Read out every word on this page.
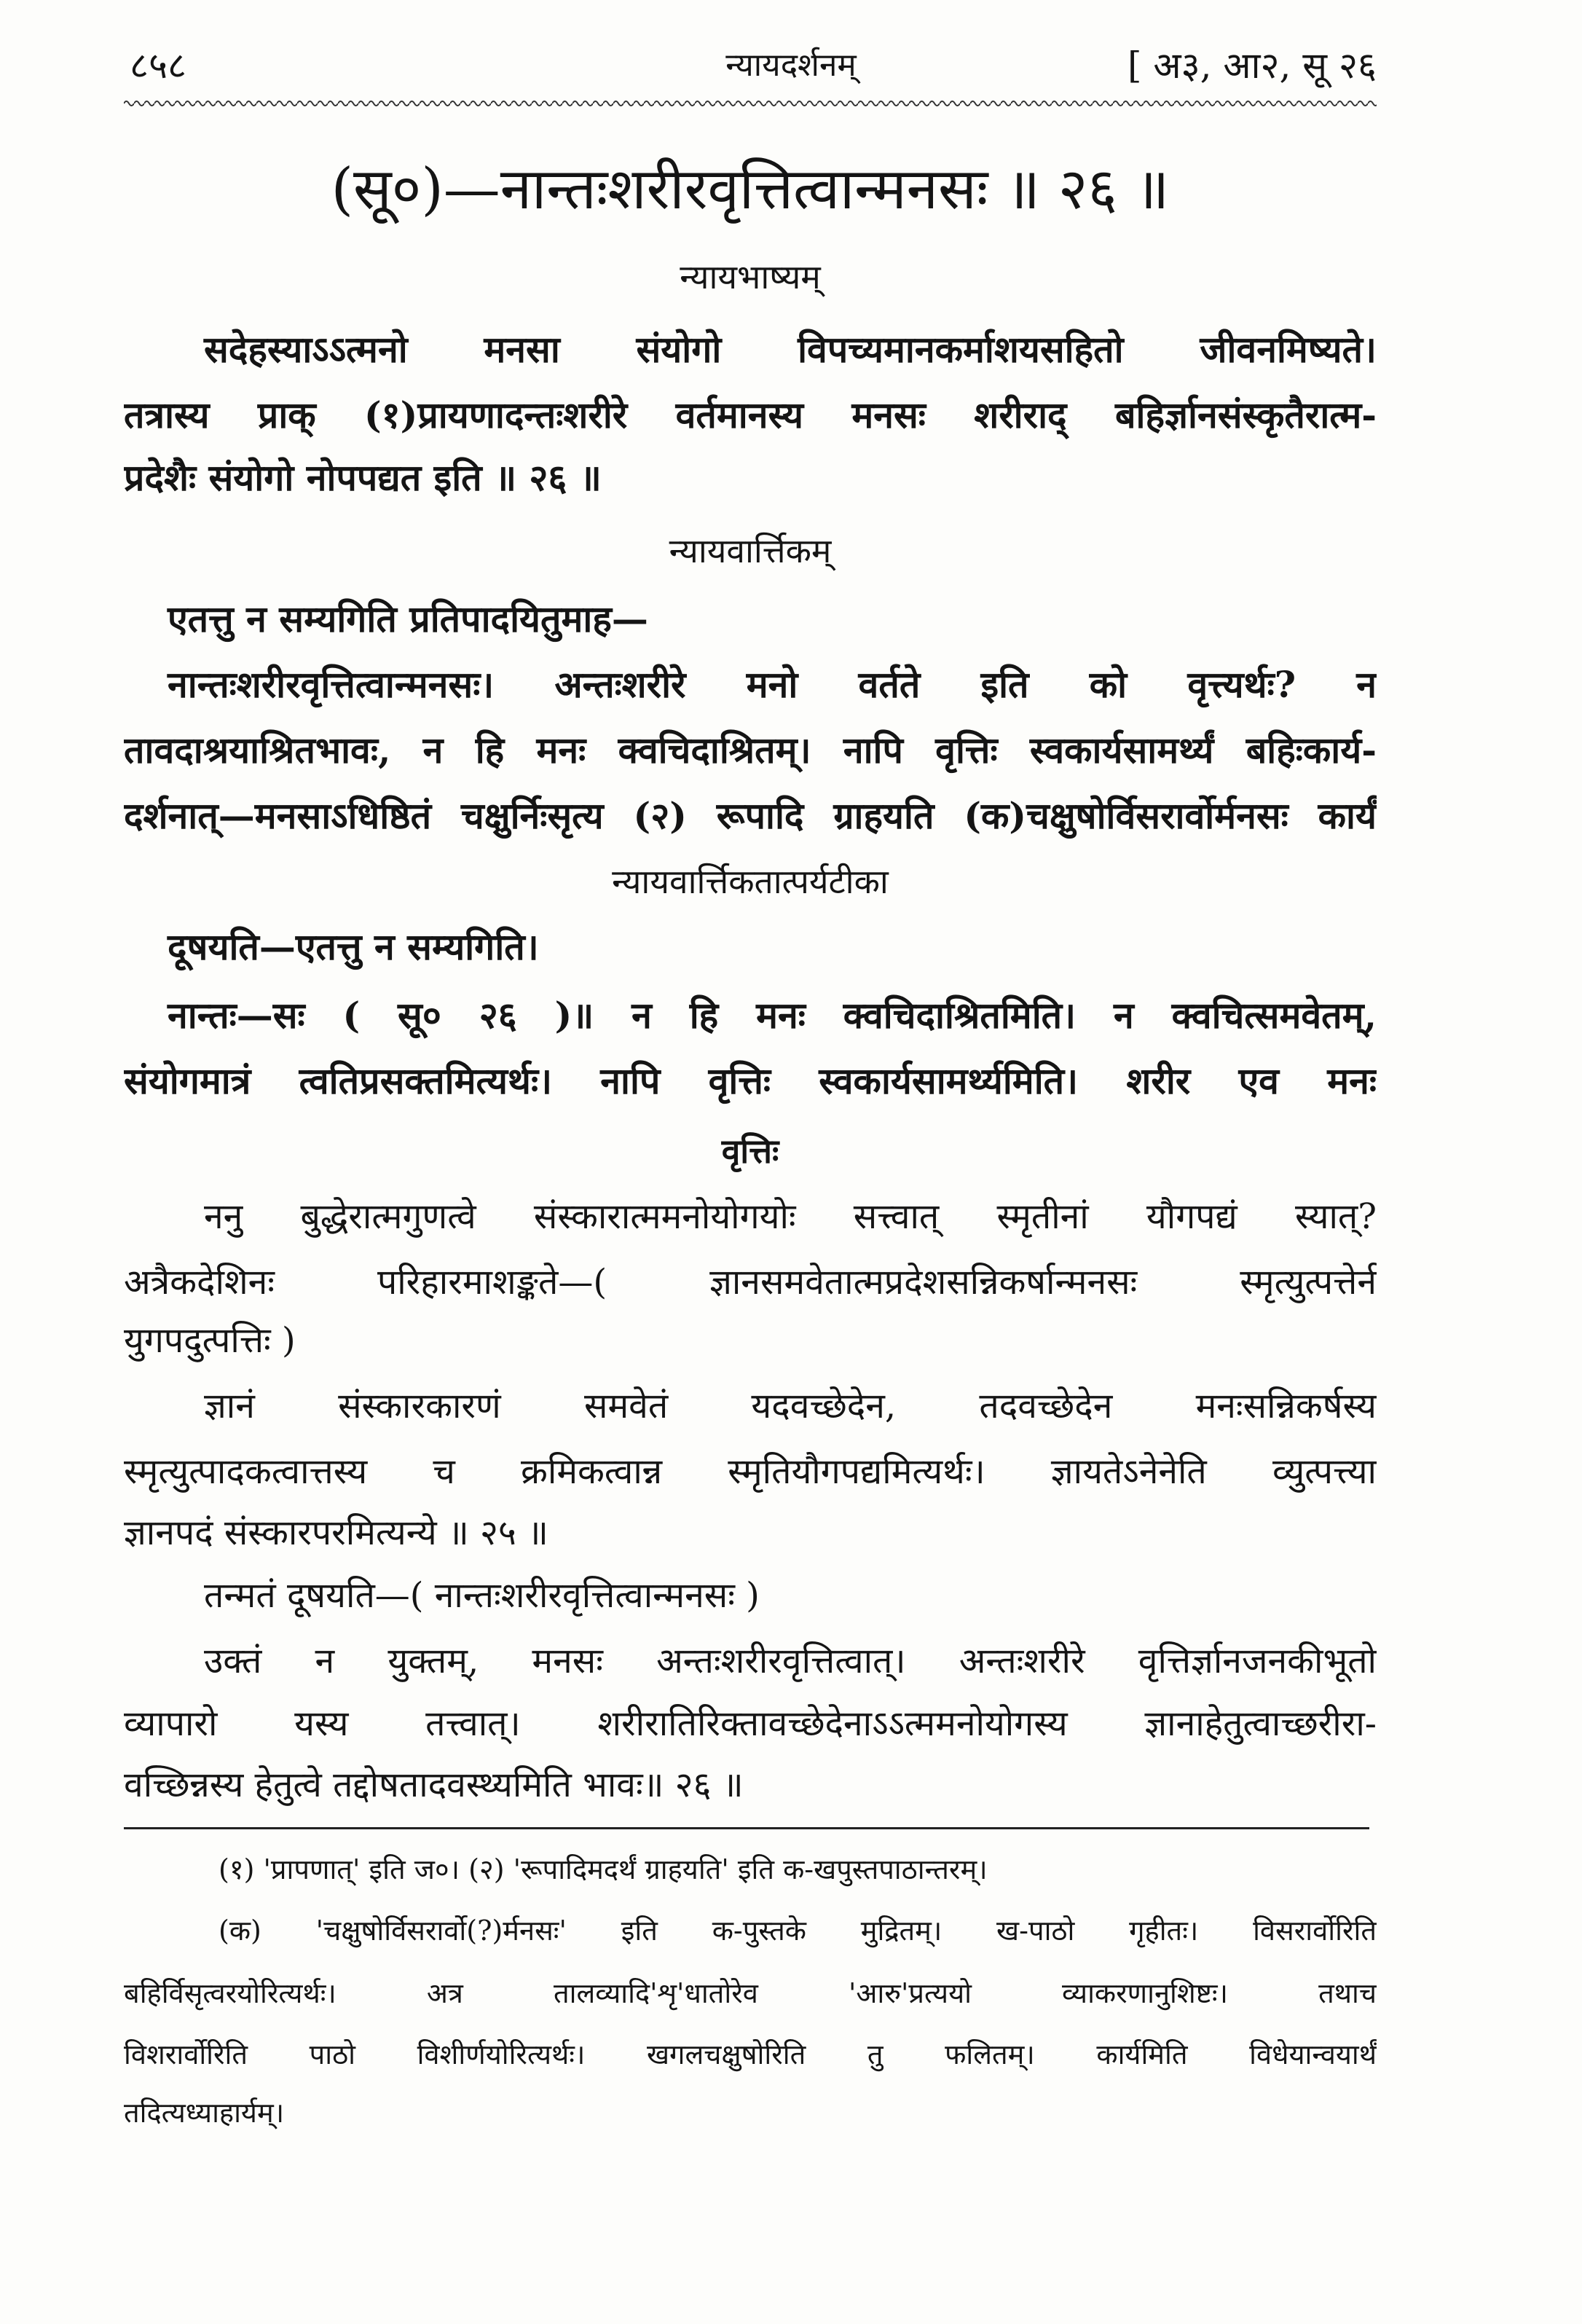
८५८	न्यायदर्शनम्	[ अ३, आ२, सू २६
(सू०)—नान्तःशरीरवृत्तित्वान्मनसः ॥ २६ ॥
न्यायभाष्यम्
सदेहस्याऽऽत्मनो मनसा संयोगो विपच्यमानकर्माशयसहितो जीवनमिष्यते।
तत्रास्य प्राक् (१)प्रायणादन्तःशरीरे वर्तमानस्य मनसः शरीराद् बहिर्ज्ञानसंस्कृतैरात्म-
प्रदेशैः संयोगो नोपपद्यत इति ॥ २६ ॥
न्यायवार्त्तिकम्
एतत्तु न सम्यगिति प्रतिपादयितुमाह—
नान्तःशरीरवृत्तित्वान्मनसः। अन्तःशरीरे मनो वर्तते इति को वृत्त्यर्थः? न
तावदाश्रयाश्रितभावः, न हि मनः क्वचिदाश्रितम्। नापि वृत्तिः स्वकार्यसामर्थ्यं बहिःकार्य-
दर्शनात्—मनसाऽधिष्ठितं चक्षुर्निःसृत्य (२) रूपादि ग्राहयति (क)चक्षुषोर्विसरार्वोर्मनसः कार्यं
न्यायवार्त्तिकतात्पर्यटीका
दूषयति—एतत्तु न सम्यगिति।
नान्तः—सः ( सू० २६ )॥ न हि मनः क्वचिदाश्रितमिति। न क्वचित्समवेतम्,
संयोगमात्रं त्वतिप्रसक्तमित्यर्थः। नापि वृत्तिः स्वकार्यसामर्थ्यमिति। शरीर एव मनः
वृत्तिः
ननु बुद्धेरात्मगुणत्वे संस्कारात्ममनोयोगयोः सत्त्वात् स्मृतीनां यौगपद्यं स्यात्?
अत्रैकदेशिनः परिहारमाशङ्कते—( ज्ञानसमवेतात्मप्रदेशसन्निकर्षान्मनसः स्मृत्युत्पत्तेर्न
युगपदुत्पत्तिः )
ज्ञानं संस्कारकारणं समवेतं यदवच्छेदेन, तदवच्छेदेन मनःसन्निकर्षस्य
स्मृत्युत्पादकत्वात्तस्य च क्रमिकत्वान्न स्मृतियौगपद्यमित्यर्थः। ज्ञायतेऽनेनेति व्युत्पत्त्या
ज्ञानपदं संस्कारपरमित्यन्ये ॥ २५ ॥
तन्मतं दूषयति—( नान्तःशरीरवृत्तित्वान्मनसः )
उक्तं न युक्तम्, मनसः अन्तःशरीरवृत्तित्वात्। अन्तःशरीरे वृत्तिर्ज्ञानजनकीभूतो
व्यापारो यस्य तत्त्वात्। शरीरातिरिक्तावच्छेदेनाऽऽत्ममनोयोगस्य ज्ञानाहेतुत्वाच्छरीरा-
वच्छिन्नस्य हेतुत्वे तद्दोषतादवस्थ्यमिति भावः॥ २६ ॥
(१) 'प्रापणात्' इति ज०। (२) 'रूपादिमदर्थं ग्राहयति' इति क-खपुस्तपाठान्तरम्।
(क) 'चक्षुषोर्विसरार्वो(?)र्मनसः' इति क-पुस्तके मुद्रितम्। ख-पाठो गृहीतः। विसरार्वोरिति
बहिर्विसृत्वरयोरित्यर्थः। अत्र तालव्यादि'शृ'धातोरेव 'आरु'प्रत्ययो व्याकरणानुशिष्टः। तथाच
विशरार्वोरिति पाठो विशीर्णयोरित्यर्थः। खगलचक्षुषोरिति तु फलितम्। कार्यमिति विधेयान्वयार्थं
तदित्यध्याहार्यम्।
